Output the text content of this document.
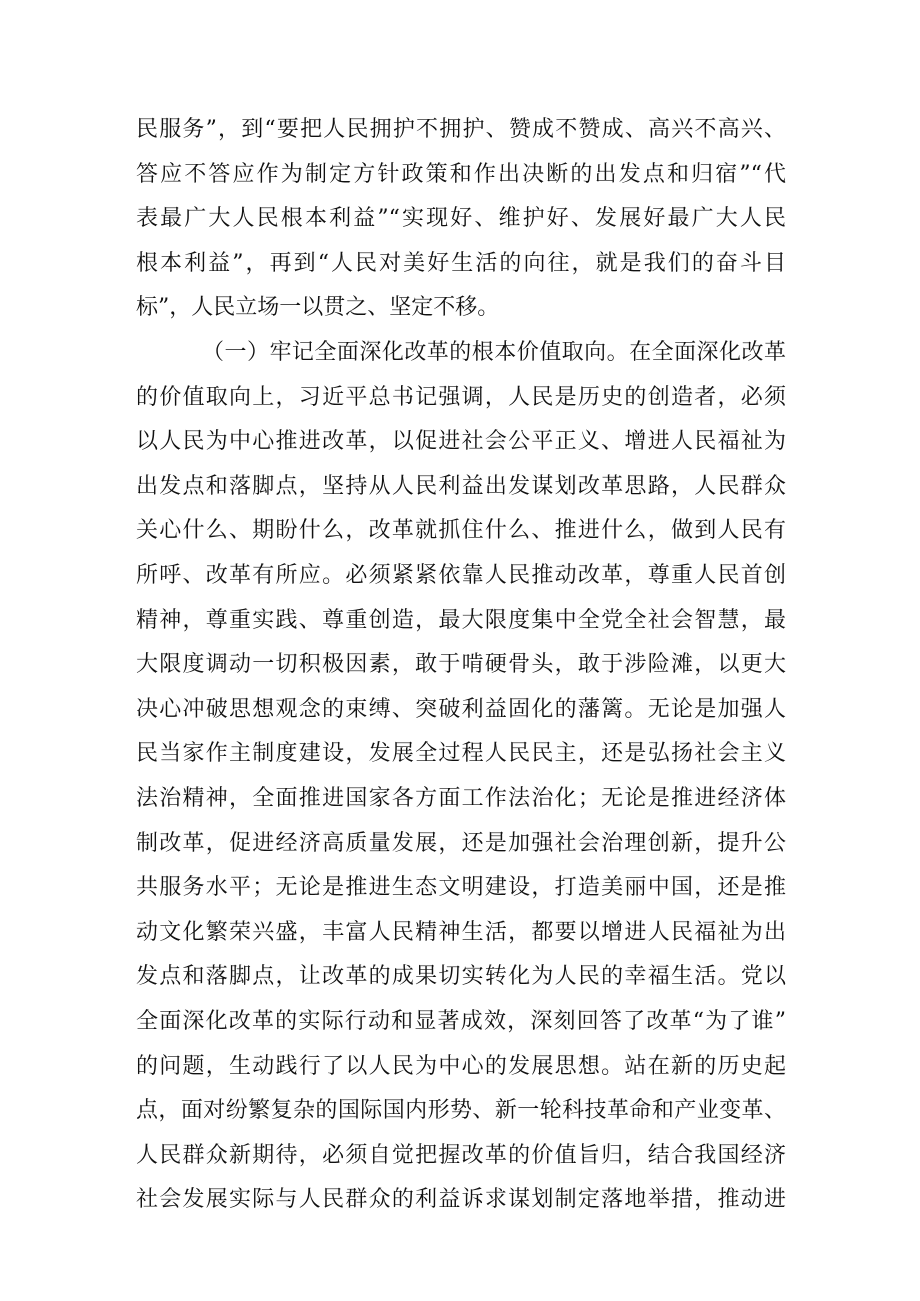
民服务”，到“要把人民拥护不拥护、赞成不赞成、高兴不高兴、
答应不答应作为制定方针政策和作出决断的出发点和归宿”“代
表最广大人民根本利益”“实现好、维护好、发展好最广大人民
根本利益”，再到“人民对美好生活的向往，就是我们的奋斗目
标”，人民立场一以贯之、坚定不移。
（一）牢记全面深化改革的根本价值取向。在全面深化改革
的价值取向上，习近平总书记强调，人民是历史的创造者，必须
以人民为中心推进改革，以促进社会公平正义、增进人民福祉为
出发点和落脚点，坚持从人民利益出发谋划改革思路，人民群众
关心什么、期盼什么，改革就抓住什么、推进什么，做到人民有
所呼、改革有所应。必须紧紧依靠人民推动改革，尊重人民首创
精神，尊重实践、尊重创造，最大限度集中全党全社会智慧，最
大限度调动一切积极因素，敢于啃硬骨头，敢于涉险滩，以更大
决心冲破思想观念的束缚、突破利益固化的藩篱。无论是加强人
民当家作主制度建设，发展全过程人民民主，还是弘扬社会主义
法治精神，全面推进国家各方面工作法治化；无论是推进经济体
制改革，促进经济高质量发展，还是加强社会治理创新，提升公
共服务水平；无论是推进生态文明建设，打造美丽中国，还是推
动文化繁荣兴盛，丰富人民精神生活，都要以增进人民福祉为出
发点和落脚点，让改革的成果切实转化为人民的幸福生活。党以
全面深化改革的实际行动和显著成效，深刻回答了改革“为了谁”
的问题，生动践行了以人民为中心的发展思想。站在新的历史起
点，面对纷繁复杂的国际国内形势、新一轮科技革命和产业变革、
人民群众新期待，必须自觉把握改革的价值旨归，结合我国经济
社会发展实际与人民群众的利益诉求谋划制定落地举措，推动进
